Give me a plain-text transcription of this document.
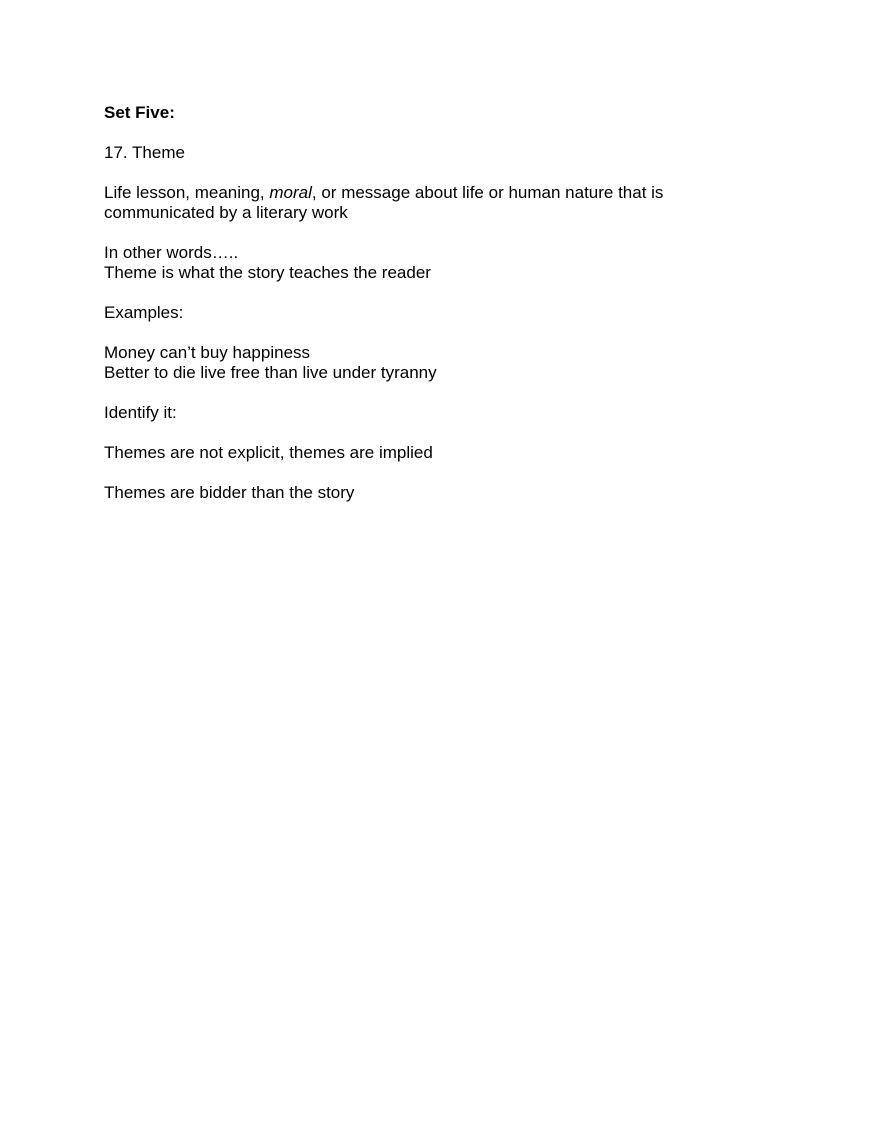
Set Five:

17. Theme

Life lesson, meaning, moral, or message about life or human nature that is
communicated by a literary work

In other words…..
Theme is what the story teaches the reader

Examples:

Money can’t buy happiness
Better to die live free than live under tyranny

Identify it:

Themes are not explicit, themes are implied

Themes are bidder than the story
